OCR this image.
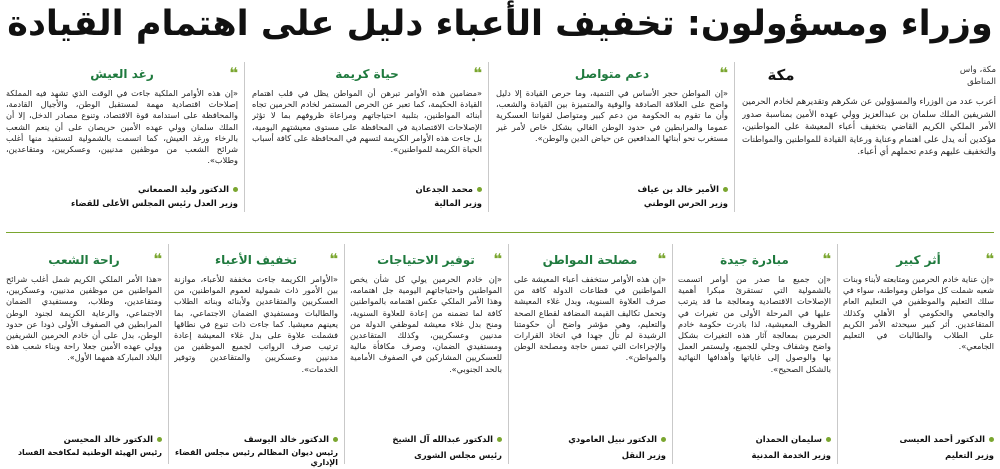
وزراء ومسؤولون: تخفيف الأعباء دليل على اهتمام القيادة
مكة، واس
المناطق
مكة
أعرب عدد من الوزراء والمسؤولين عن شكرهم وتقديرهم لخادم الحرمين الشريفين الملك سلمان بن عبدالعزيز وولي عهده الأمين بمناسبة صدور الأمر الملكي الكريم القاضي بتخفيف أعباء المعيشة على المواطنين، مؤكدين أنه يدل على اهتمام وعناية ورعاية القيادة للمواطنين والمواطنات والتخفيف عليهم وعدم تحملهم أي أعباء.
❝
دعم متواصل
«إن المواطن حجر الأساس في التنمية، وما حرص القيادة إلا دليل واضح على العلاقة الصادقة والوفية والمتميزة بين القيادة والشعب، وأن ما تقوم به الحكومة من دعم كبير ومتواصل لقواتنا العسكرية عموما والمرابطين في حدود الوطن الغالي بشكل خاص لأمر غير مستغرب نحو أبنائها المدافعين عن حياض الدين والوطن».
الأمير خالد بن عياف
وزير الحرس الوطني
❝
حياة كريمة
«مضامين هذه الأوامر تبرهن أن المواطن يظل في قلب اهتمام القيادة الحكيمة، كما تعبر عن الحرص المستمر لخادم الحرمين تجاه أبنائه المواطنين، بتلبية احتياجاتهم ومراعاة ظروفهم بما لا تؤثر الإصلاحات الاقتصادية في المحافظة على مستوى معيشتهم اليومية، بل جاءت هذه الأوامر الكريمة لتسهم في المحافظة على كافة أسباب الحياة الكريمة للمواطنين».
محمد الجدعان
وزير المالية
❝
رغد العيش
«إن هذه الأوامر الملكية جاءت في الوقت الذي تشهد فيه المملكة إصلاحات اقتصادية مهمة لمستقبل الوطن، والأجيال القادمة، والمحافظة على استدامة قوة الاقتصاد، وتنوع مصادر الدخل، إلا أن الملك سلمان وولي عهده الأمين حريصان على أن ينعم الشعب بالرخاء ورغد العيش، كما اتسمت بالشمولية لتستفيد منها أغلب شرائح الشعب من موظفين مدنيين، وعسكريين، ومتقاعدين، وطلاب».
الدكتور وليد الصمعاني
وزير العدل رئيس المجلس الأعلى للقضاء
❝
أثر كبير
«إن عناية خادم الحرمين ومتابعته لأبناء وبنات شعبه شملت كل مواطن ومواطنة، سواء في سلك التعليم والموظفين في التعليم العام والجامعي والحكومي أو الأهلي وكذلك المتقاعدين. أثر كبير سيحدثه الأمر الكريم على الطلاب والطالبات في التعليم الجامعي».
الدكتور أحمد العيسى
وزير التعليم
❝
مبادرة جيدة
«إن جميع ما صدر من أوامر اتسمت بالشمولية التي تستقرئ مبكرا أهمية الإصلاحات الاقتصادية ومعالجة ما قد يترتب عليها في المرحلة الأولى من تغيرات في الظروف المعيشية، لذا بادرت حكومة خادم الحرمين بمعالجة آثار هذه التغيرات بشكل واضح وشفاف وجلي للجميع، وليستمر العمل بها والوصول إلى غاياتها وأهدافها النهائية بالشكل الصحيح».
سليمان الحمدان
وزير الخدمة المدنية
❝
مصلحة المواطن
«إن هذه الأوامر ستخفف أعباء المعيشة على المواطنين في قطاعات الدولة كافة من صرف العلاوة السنوية، وبدل غلاء المعيشة وتحمل تكاليف القيمة المضافة لقطاع الصحة والتعليم، وهي مؤشر واضح أن حكومتنا الرشيدة لم تأل جهدا في اتخاذ القرارات والإجراءات التي تمس حاجة ومصلحة الوطن والمواطن».
الدكتور نبيل العامودي
وزير النقل
❝
توفير الاحتياجات
«إن خادم الحرمين يولي كل شأن يخص المواطنين واحتياجاتهم اليومية جل اهتمامه، وهذا الأمر الملكي عكس اهتمامه بالمواطنين كافة لما تضمنه من إعادة للعلاوة السنوية، ومنح بدل غلاء معيشة لموظفي الدولة من مدنيين وعسكريين، وكذلك المتقاعدين ومستفيدي الضمان، وصرف مكافأة مالية للعسكريين المشاركين في الصفوف الأمامية بالحد الجنوبي».
الدكتور عبدالله آل الشيخ
رئيس مجلس الشورى
❝
تخفيف الأعباء
«الأوامر الكريمة جاءت مخففة للأعباء، موازنة بين الأمور ذات شمولية لعموم المواطنين، من العسكريين والمتقاعدين ولأبنائه وبناته الطلاب والطالبات ومستفيدي الضمان الاجتماعي، بما يعينهم معيشيا. كما جاءت ذات تنوع في نطاقها فشملت علاوة على بدل غلاء المعيشة إعادة ترتيب صرف الرواتب لجميع الموظفين من مدنيين وعسكريين والمتقاعدين وتوفير الخدمات».
الدكتور خالد اليوسف
رئيس ديوان المظالم رئيس مجلس القضاء الإداري
❝
راحة الشعب
«هذا الأمر الملكي الكريم شمل أغلب شرائح المواطنين من موظفين مدنيين، وعسكريين، ومتقاعدين، وطلاب، ومستفيدي الضمان الاجتماعي، والرعاية الكريمة لجنود الوطن المرابطين في الصفوف الأولى ذودا عن حدود الوطن، بدل على أن خادم الحرمين الشريفين وولي عهده الأمين جعلا راحة وبناء شعب هذه البلاد المباركة همهما الأول».
الدكتور خالد المحيسن
رئيس الهيئة الوطنية لمكافحة الفساد
